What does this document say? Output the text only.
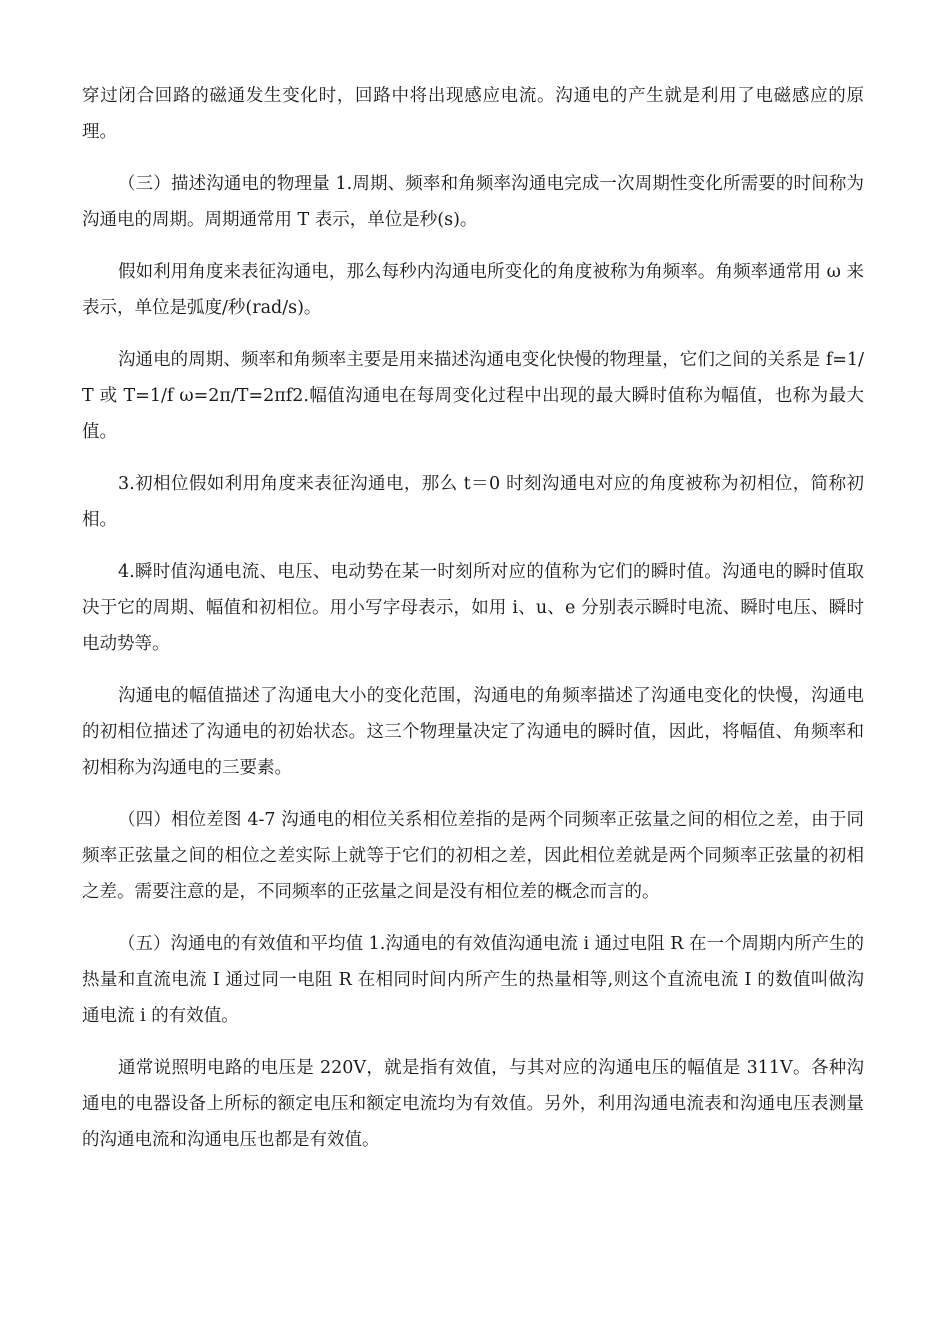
穿过闭合回路的磁通发生变化时，回路中将出现感应电流。沟通电的产生就是利用了电磁感应的原理。

（三）描述沟通电的物理量 1.周期、频率和角频率沟通电完成一次周期性变化所需要的时间称为沟通电的周期。周期通常用 T 表示，单位是秒(s)。

假如利用角度来表征沟通电，那么每秒内沟通电所变化的角度被称为角频率。角频率通常用 ω 来表示，单位是弧度/秒(rad/s)。

沟通电的周期、频率和角频率主要是用来描述沟通电变化快慢的物理量，它们之间的关系是 f=1/T 或 T=1/f ω=2π/T=2πf2.幅值沟通电在每周变化过程中出现的最大瞬时值称为幅值，也称为最大值。

3.初相位假如利用角度来表征沟通电，那么 t＝0 时刻沟通电对应的角度被称为初相位，简称初相。

4.瞬时值沟通电流、电压、电动势在某一时刻所对应的值称为它们的瞬时值。沟通电的瞬时值取决于它的周期、幅值和初相位。用小写字母表示，如用 i、u、e 分别表示瞬时电流、瞬时电压、瞬时电动势等。

沟通电的幅值描述了沟通电大小的变化范围，沟通电的角频率描述了沟通电变化的快慢，沟通电的初相位描述了沟通电的初始状态。这三个物理量决定了沟通电的瞬时值，因此，将幅值、角频率和初相称为沟通电的三要素。

（四）相位差图 4-7 沟通电的相位关系相位差指的是两个同频率正弦量之间的相位之差，由于同频率正弦量之间的相位之差实际上就等于它们的初相之差，因此相位差就是两个同频率正弦量的初相之差。需要注意的是，不同频率的正弦量之间是没有相位差的概念而言的。

（五）沟通电的有效值和平均值 1.沟通电的有效值沟通电流 i 通过电阻 R 在一个周期内所产生的热量和直流电流 I 通过同一电阻 R 在相同时间内所产生的热量相等,则这个直流电流 I 的数值叫做沟通电流 i 的有效值。

通常说照明电路的电压是 220V，就是指有效值，与其对应的沟通电压的幅值是 311V。各种沟通电的电器设备上所标的额定电压和额定电流均为有效值。另外，利用沟通电流表和沟通电压表测量的沟通电流和沟通电压也都是有效值。
